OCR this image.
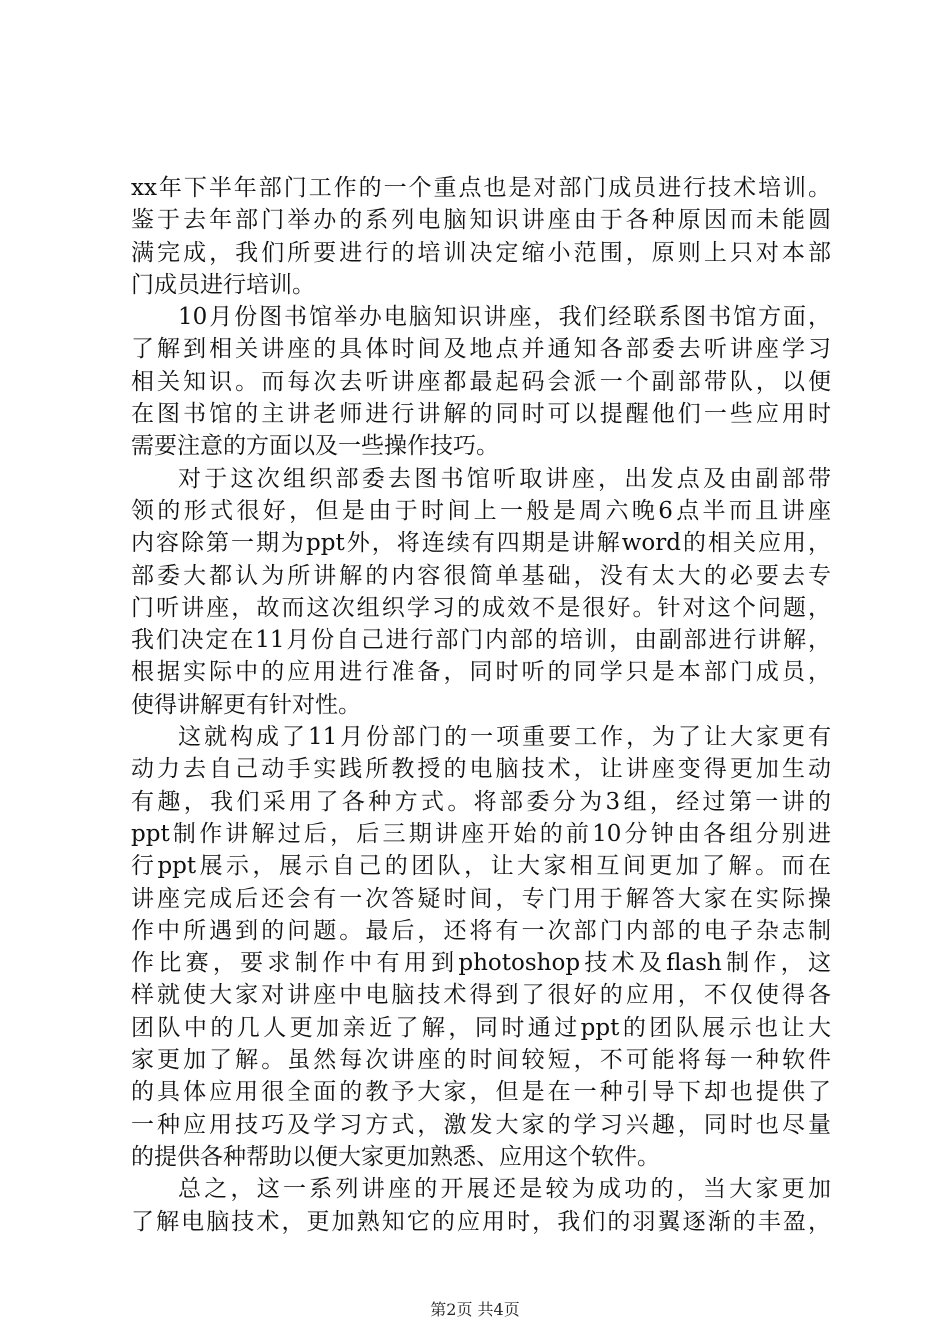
xx年下半年部门工作的一个重点也是对部门成员进行技术培训。
鉴于去年部门举办的系列电脑知识讲座由于各种原因而未能圆
满完成，我们所要进行的培训决定缩小范围，原则上只对本部
门成员进行培训。
10月份图书馆举办电脑知识讲座，我们经联系图书馆方面，
了解到相关讲座的具体时间及地点并通知各部委去听讲座学习
相关知识。而每次去听讲座都最起码会派一个副部带队，以便
在图书馆的主讲老师进行讲解的同时可以提醒他们一些应用时
需要注意的方面以及一些操作技巧。
对于这次组织部委去图书馆听取讲座，出发点及由副部带
领的形式很好，但是由于时间上一般是周六晚6点半而且讲座
内容除第一期为ppt外，将连续有四期是讲解word的相关应用，
部委大都认为所讲解的内容很简单基础，没有太大的必要去专
门听讲座，故而这次组织学习的成效不是很好。针对这个问题，
我们决定在11月份自己进行部门内部的培训，由副部进行讲解，
根据实际中的应用进行准备，同时听的同学只是本部门成员，
使得讲解更有针对性。
这就构成了11月份部门的一项重要工作，为了让大家更有
动力去自己动手实践所教授的电脑技术，让讲座变得更加生动
有趣，我们采用了各种方式。将部委分为3组，经过第一讲的
ppt制作讲解过后，后三期讲座开始的前10分钟由各组分别进
行ppt展示，展示自己的团队，让大家相互间更加了解。而在
讲座完成后还会有一次答疑时间，专门用于解答大家在实际操
作中所遇到的问题。最后，还将有一次部门内部的电子杂志制
作比赛，要求制作中有用到photoshop技术及flash制作，这
样就使大家对讲座中电脑技术得到了很好的应用，不仅使得各
团队中的几人更加亲近了解，同时通过ppt的团队展示也让大
家更加了解。虽然每次讲座的时间较短，不可能将每一种软件
的具体应用很全面的教予大家，但是在一种引导下却也提供了
一种应用技巧及学习方式，激发大家的学习兴趣，同时也尽量
的提供各种帮助以便大家更加熟悉、应用这个软件。
总之，这一系列讲座的开展还是较为成功的，当大家更加
了解电脑技术，更加熟知它的应用时，我们的羽翼逐渐的丰盈，
第2页 共4页
